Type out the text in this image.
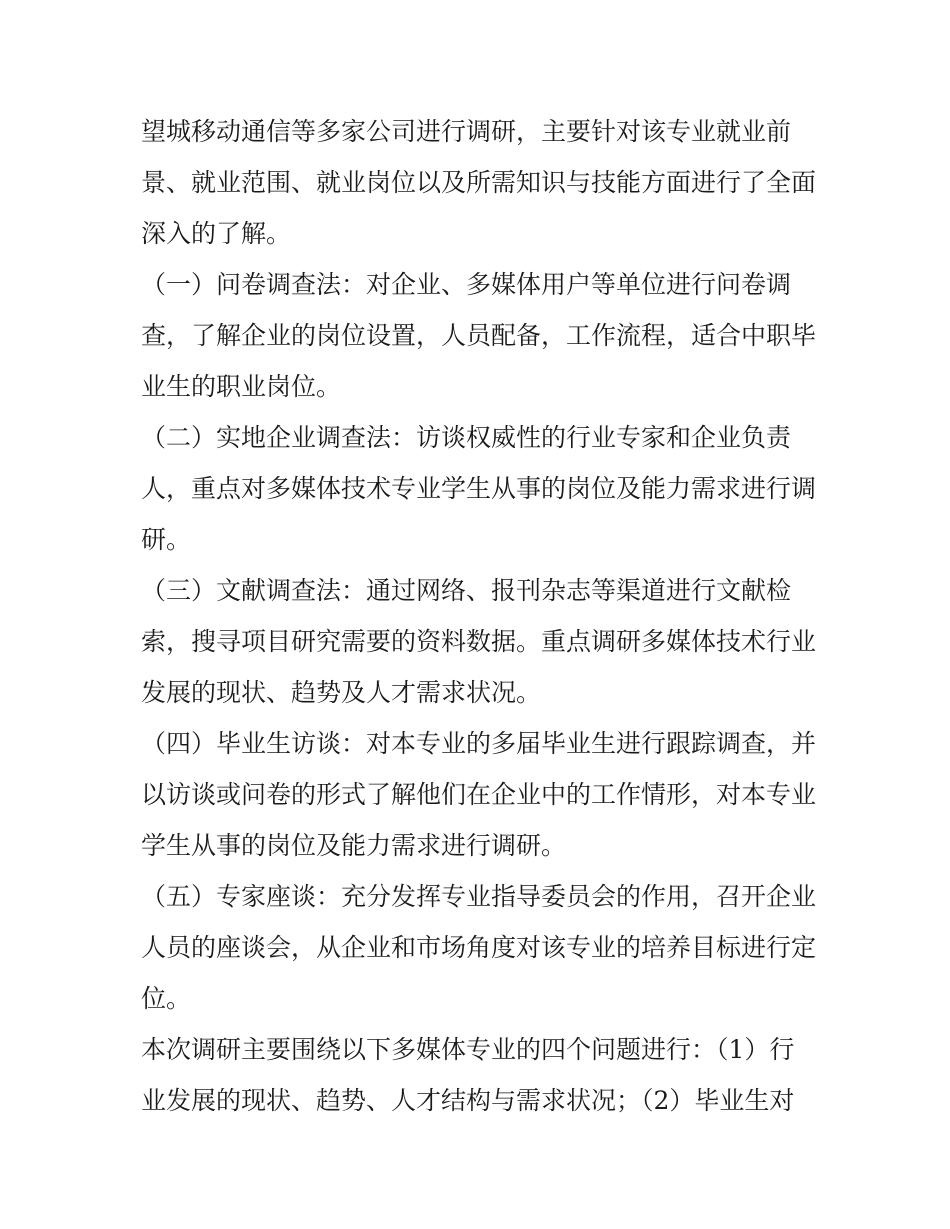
望城移动通信等多家公司进行调研，主要针对该专业就业前
景、就业范围、就业岗位以及所需知识与技能方面进行了全面
深入的了解。
（一）问卷调查法：对企业、多媒体用户等单位进行问卷调
查，了解企业的岗位设置，人员配备，工作流程，适合中职毕
业生的职业岗位。
（二）实地企业调查法：访谈权威性的行业专家和企业负责
人，重点对多媒体技术专业学生从事的岗位及能力需求进行调
研。
（三）文献调查法：通过网络、报刊杂志等渠道进行文献检
索，搜寻项目研究需要的资料数据。重点调研多媒体技术行业
发展的现状、趋势及人才需求状况。
（四）毕业生访谈：对本专业的多届毕业生进行跟踪调查，并
以访谈或问卷的形式了解他们在企业中的工作情形，对本专业
学生从事的岗位及能力需求进行调研。
（五）专家座谈：充分发挥专业指导委员会的作用，召开企业
人员的座谈会，从企业和市场角度对该专业的培养目标进行定
位。
本次调研主要围绕以下多媒体专业的四个问题进行：（1）行
业发展的现状、趋势、人才结构与需求状况；（2）毕业生对
